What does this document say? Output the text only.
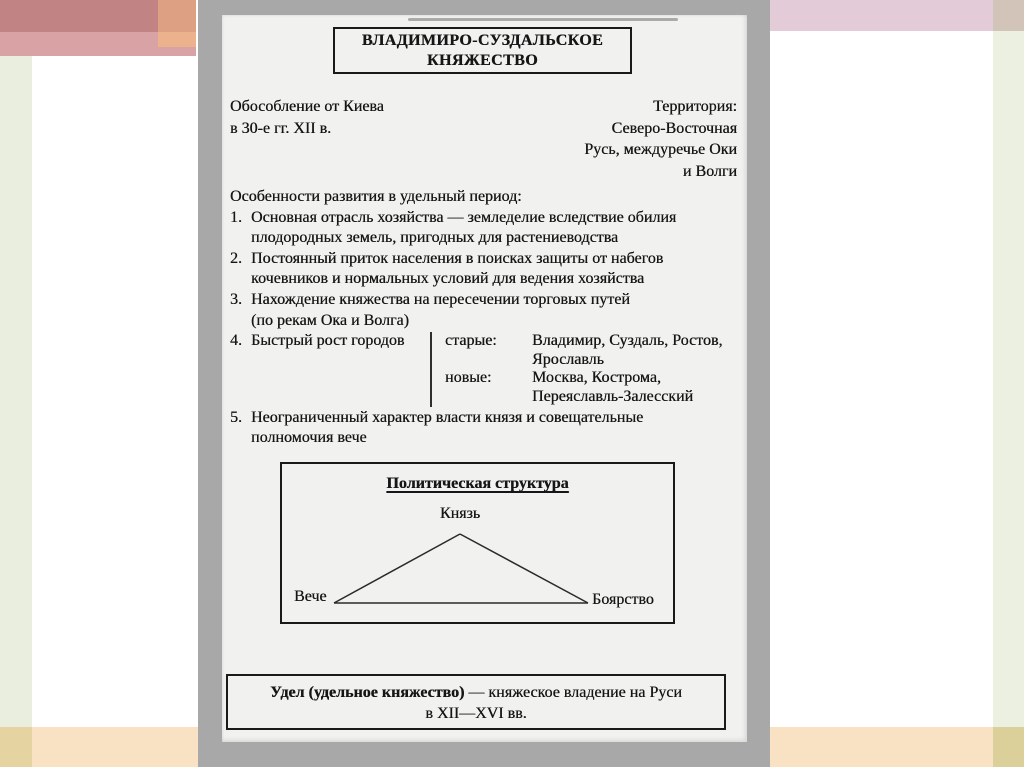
ВЛАДИМИРО-СУЗДАЛЬСКОЕ
КНЯЖЕСТВО
Обособление от Киева
в 30-е гг. XII в.
Территория:
Северо-Восточная
Русь, междуречье Оки
и Волги
Особенности развития в удельный период:
1. Основная отрасль хозяйства — земледелие вследствие обилия
плодородных земель, пригодных для растениеводства
2. Постоянный приток населения в поисках защиты от набегов
кочевников и нормальных условий для ведения хозяйства
3. Нахождение княжества на пересечении торговых путей
(по рекам Ока и Волга)
4. Быстрый рост городов	старые:	Владимир, Суздаль, Ростов,
Ярославль
новые:	Москва, Кострома,
Переяславль-Залесский
5. Неограниченный характер власти князя и совещательные
полномочия вече
Политическая структура
Князь
Вече	Боярство
Удел (удельное княжество) — княжеское владение на Руси
в XII—XVI вв.
